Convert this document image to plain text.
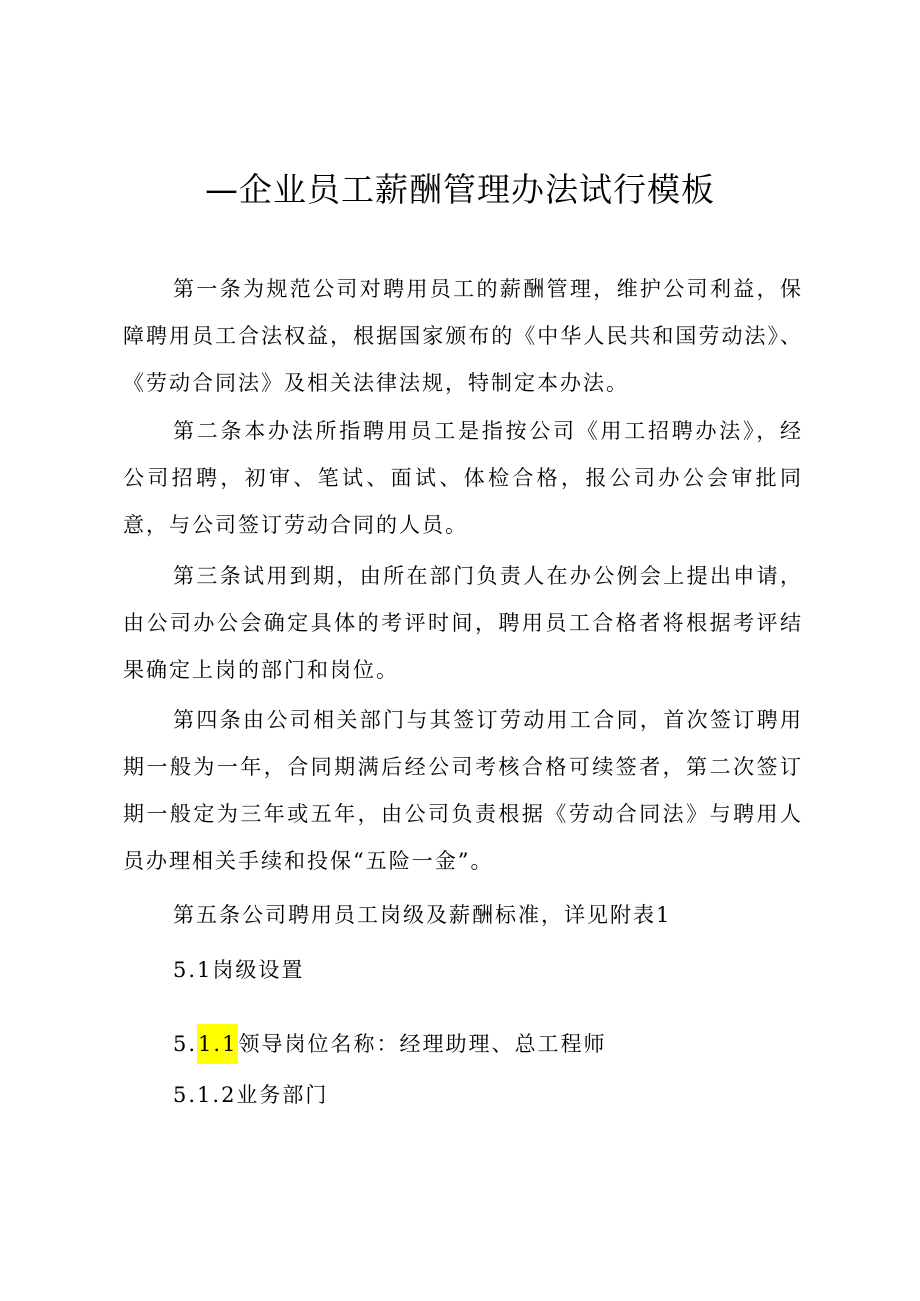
—企业员工薪酬管理办法试行模板
第一条为规范公司对聘用员工的薪酬管理，维护公司利益，保障聘用员工合法权益，根据国家颁布的《中华人民共和国劳动法》、《劳动合同法》及相关法律法规，特制定本办法。
第二条本办法所指聘用员工是指按公司《用工招聘办法》，经公司招聘，初审、笔试、面试、体检合格，报公司办公会审批同意，与公司签订劳动合同的人员。
第三条试用到期，由所在部门负责人在办公例会上提出申请，由公司办公会确定具体的考评时间，聘用员工合格者将根据考评结果确定上岗的部门和岗位。
第四条由公司相关部门与其签订劳动用工合同，首次签订聘用期一般为一年，合同期满后经公司考核合格可续签者，第二次签订期一般定为三年或五年，由公司负责根据《劳动合同法》与聘用人员办理相关手续和投保“五险一金”。
第五条公司聘用员工岗级及薪酬标准，详见附表1
5.1岗级设置
5.1.1领导岗位名称：经理助理、总工程师
5.1.2业务部门
